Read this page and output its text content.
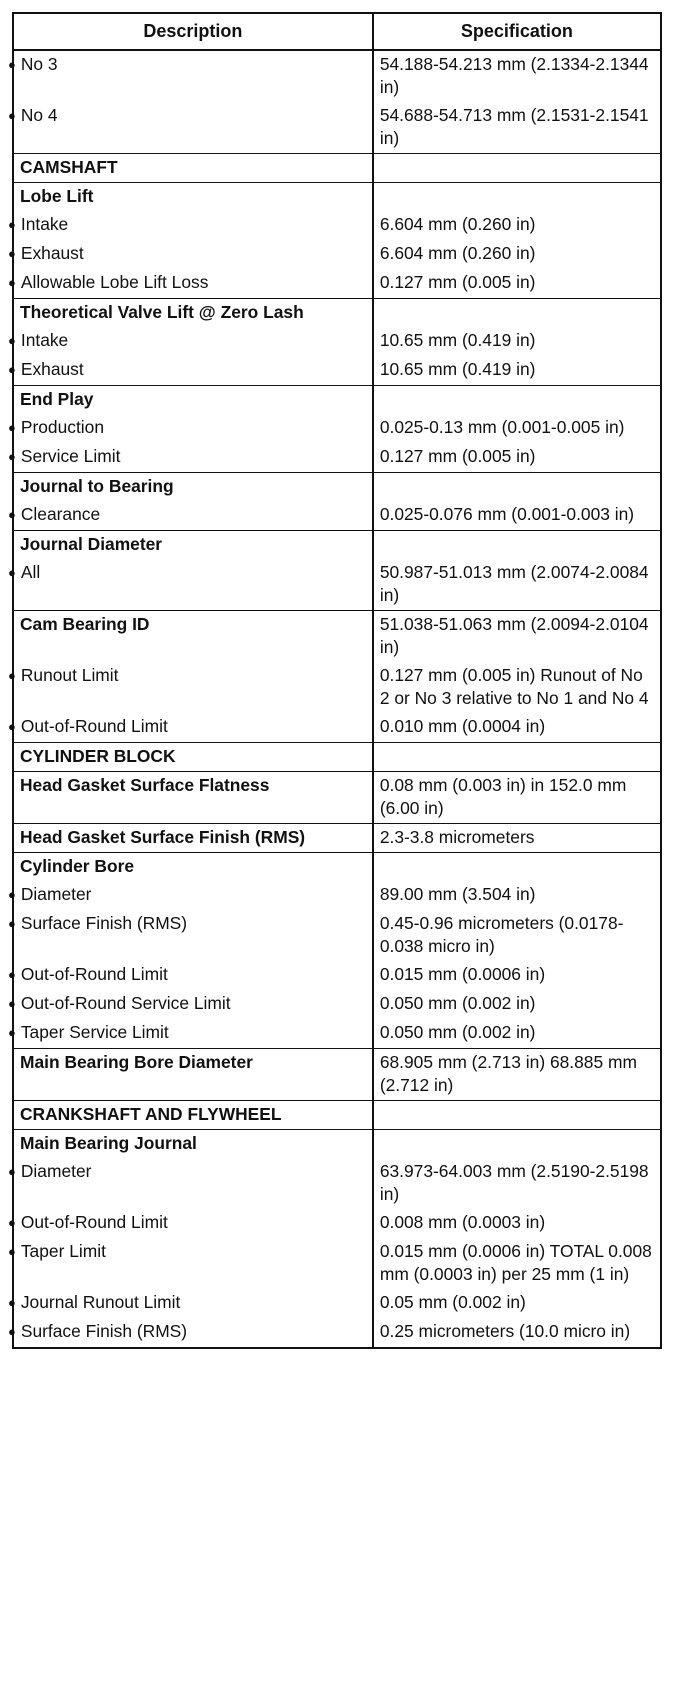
Description	Specification
● No 3	54.188-54.213 mm (2.1334-2.1344 in)
● No 4	54.688-54.713 mm (2.1531-2.1541 in)
CAMSHAFT	
Lobe Lift	
● Intake	6.604 mm (0.260 in)
● Exhaust	6.604 mm (0.260 in)
● Allowable Lobe Lift Loss	0.127 mm (0.005 in)
Theoretical Valve Lift @ Zero Lash	
● Intake	10.65 mm (0.419 in)
● Exhaust	10.65 mm (0.419 in)
End Play	
● Production	0.025-0.13 mm (0.001-0.005 in)
● Service Limit	0.127 mm (0.005 in)
Journal to Bearing	
● Clearance	0.025-0.076 mm (0.001-0.003 in)
Journal Diameter	
● All	50.987-51.013 mm (2.0074-2.0084 in)
Cam Bearing ID	51.038-51.063 mm (2.0094-2.0104 in)
● Runout Limit	0.127 mm (0.005 in) Runout of No 2 or No 3 relative to No 1 and No 4
● Out-of-Round Limit	0.010 mm (0.0004 in)
CYLINDER BLOCK	
Head Gasket Surface Flatness	0.08 mm (0.003 in) in 152.0 mm (6.00 in)
Head Gasket Surface Finish (RMS)	2.3-3.8 micrometers
Cylinder Bore	
● Diameter	89.00 mm (3.504 in)
● Surface Finish (RMS)	0.45-0.96 micrometers (0.0178-0.038 micro in)
● Out-of-Round Limit	0.015 mm (0.0006 in)
● Out-of-Round Service Limit	0.050 mm (0.002 in)
● Taper Service Limit	0.050 mm (0.002 in)
Main Bearing Bore Diameter	68.905 mm (2.713 in) 68.885 mm (2.712 in)
CRANKSHAFT AND FLYWHEEL	
Main Bearing Journal	
● Diameter	63.973-64.003 mm (2.5190-2.5198 in)
● Out-of-Round Limit	0.008 mm (0.0003 in)
● Taper Limit	0.015 mm (0.0006 in) TOTAL 0.008 mm (0.0003 in) per 25 mm (1 in)
● Journal Runout Limit	0.05 mm (0.002 in)
● Surface Finish (RMS)	0.25 micrometers (10.0 micro in)
